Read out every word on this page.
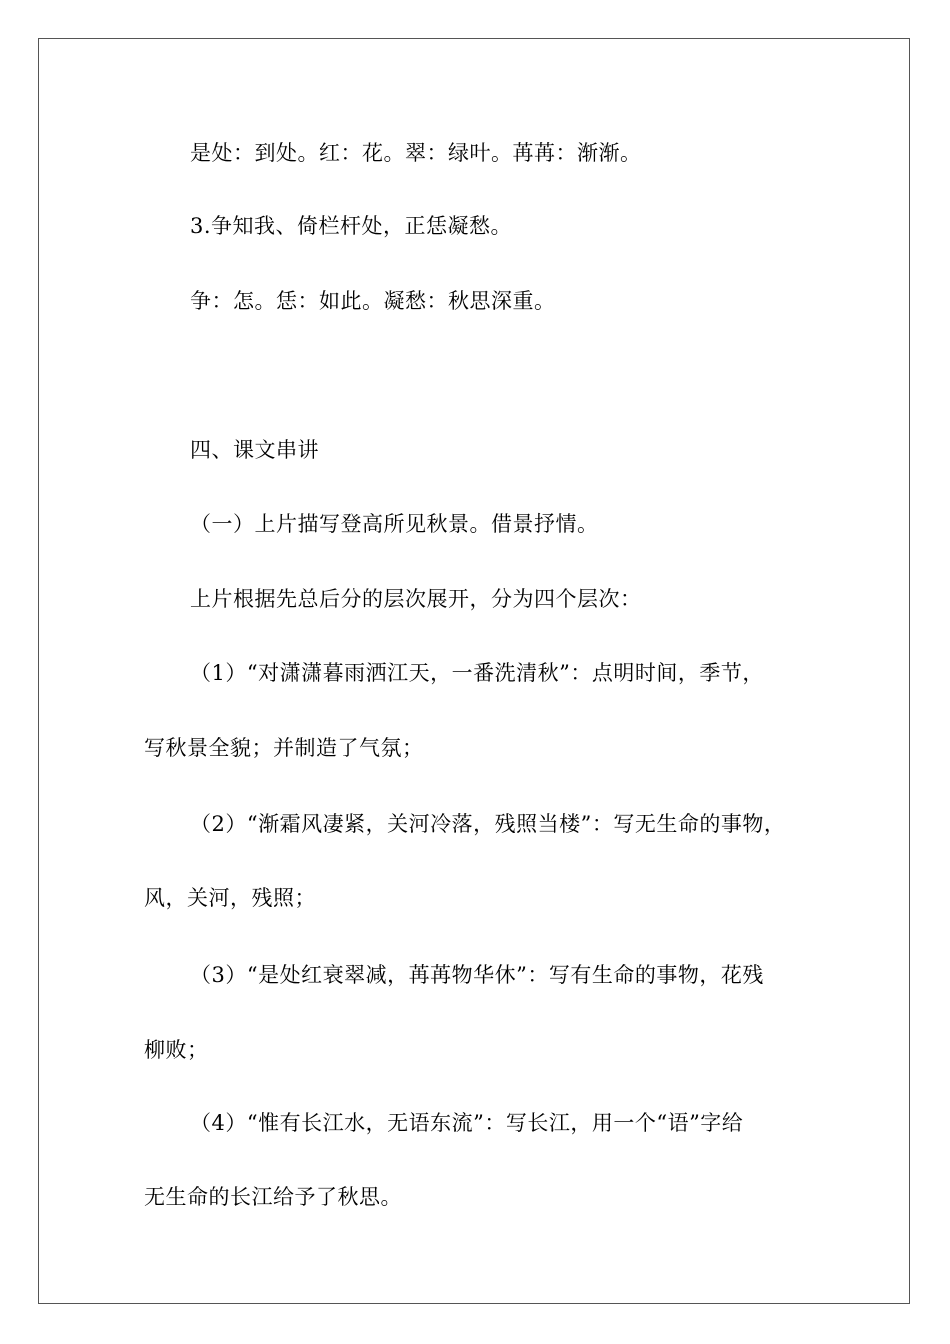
是处：到处。红：花。翠：绿叶。苒苒：渐渐。
3.争知我、倚栏杆处，正恁凝愁。
争：怎。恁：如此。凝愁：秋思深重。
四、课文串讲
（一）上片描写登高所见秋景。借景抒情。
上片根据先总后分的层次展开，分为四个层次：
（1）“对潇潇暮雨洒江天，一番洗清秋”：点明时间，季节，
写秋景全貌；并制造了气氛；
（2）“渐霜风凄紧，关河冷落，残照当楼”：写无生命的事物，
风，关河，残照；
（3）“是处红衰翠减，苒苒物华休”：写有生命的事物，花残
柳败；
（4）“惟有长江水，无语东流”：写长江，用一个“语”字给
无生命的长江给予了秋思。
